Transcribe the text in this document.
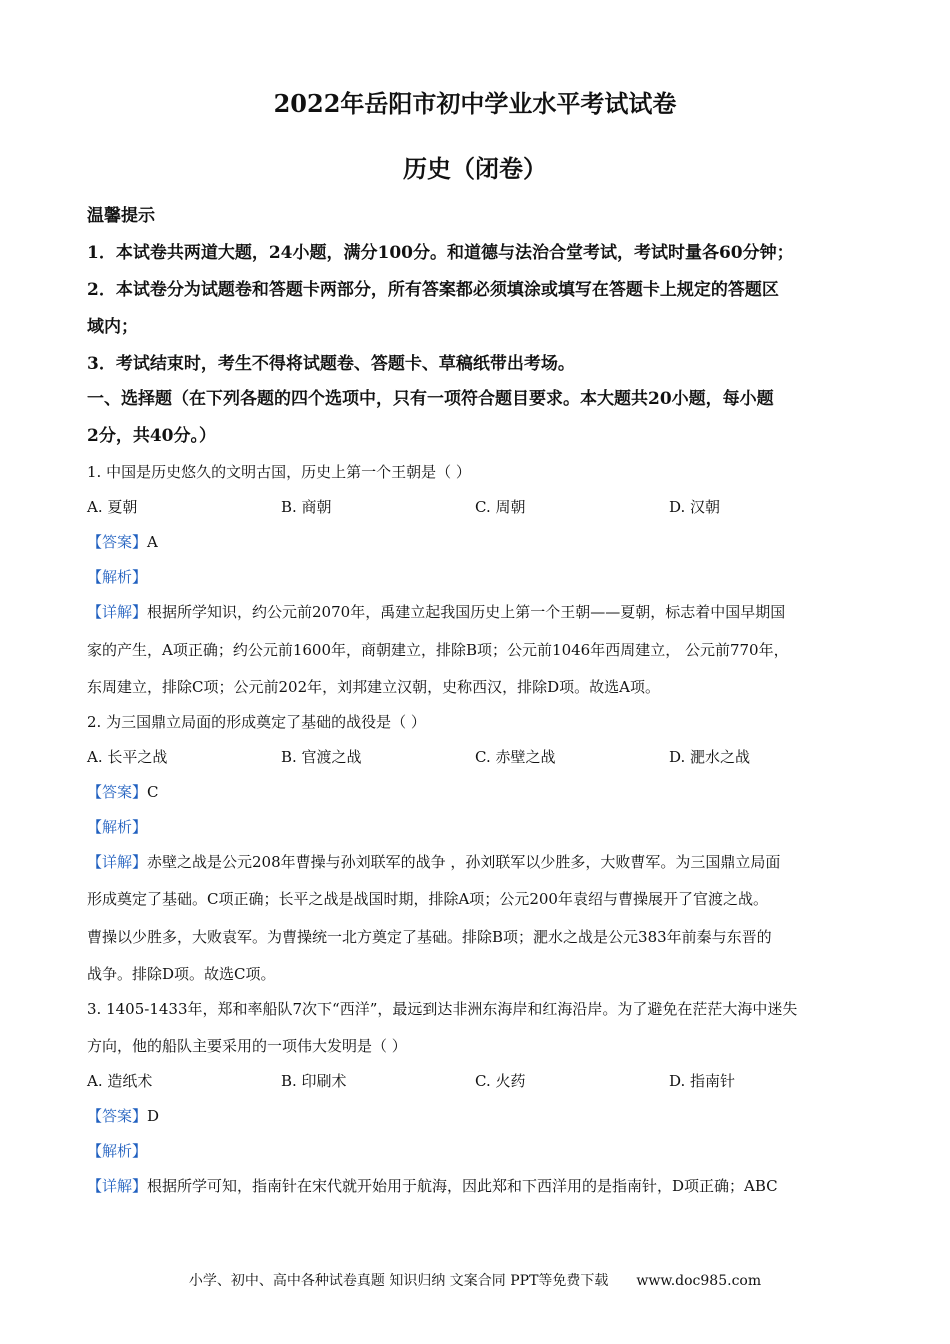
2022年岳阳市初中学业水平考试试卷
历史（闭卷）
温馨提示
1．本试卷共两道大题，24小题，满分100分。和道德与法治合堂考试，考试时量各60分钟；
2．本试卷分为试题卷和答题卡两部分，所有答案都必须填涂或填写在答题卡上规定的答题区
域内；
3．考试结束时，考生不得将试题卷、答题卡、草稿纸带出考场。
一、选择题（在下列各题的四个选项中，只有一项符合题目要求。本大题共20小题，每小题
2分，共40分。）
1. 中国是历史悠久的文明古国，历史上第一个王朝是（ ）
A. 夏朝	B. 商朝	C. 周朝	D. 汉朝
【答案】A
【解析】
【详解】根据所学知识，约公元前2070年，禹建立起我国历史上第一个王朝——夏朝，标志着中国早期国
家的产生，A项正确；约公元前1600年，商朝建立，排除B项；公元前1046年西周建立， 公元前770年，
东周建立，排除C项；公元前202年，刘邦建立汉朝，史称西汉，排除D项。故选A项。
2. 为三国鼎立局面的形成奠定了基础的战役是（ ）
A. 长平之战	B. 官渡之战	C. 赤壁之战	D. 淝水之战
【答案】C
【解析】
【详解】赤壁之战是公元208年曹操与孙刘联军的战争 ，孙刘联军以少胜多，大败曹军。为三国鼎立局面
形成奠定了基础。C项正确；长平之战是战国时期，排除A项；公元200年袁绍与曹操展开了官渡之战。
曹操以少胜多，大败袁军。为曹操统一北方奠定了基础。排除B项；淝水之战是公元383年前秦与东晋的
战争。排除D项。故选C项。
3. 1405-1433年，郑和率船队7次下“西洋”，最远到达非洲东海岸和红海沿岸。为了避免在茫茫大海中迷失
方向，他的船队主要采用的一项伟大发明是（ ）
A. 造纸术	B. 印刷术	C. 火药	D. 指南针
【答案】D
【解析】
【详解】根据所学可知，指南针在宋代就开始用于航海，因此郑和下西洋用的是指南针，D项正确；ABC
小学、初中、高中各种试卷真题 知识归纳 文案合同 PPT等免费下载 www.doc985.com
